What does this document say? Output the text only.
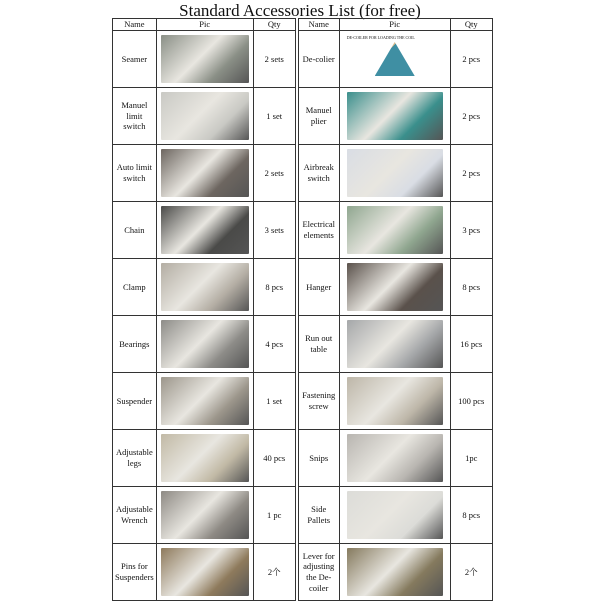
Standard Accessories List (for free)
Name	Pic	Qty		Name	Pic	Qty
Seamer		2 sets		De-colier	DE-COILER FOR LOADING THE COIL	2 pcs
Manuel limit switch		1 set		Manuel plier		2 pcs
Auto limit switch		2 sets		Airbreak switch		2 pcs
Chain		3 sets		Electrical elements		3 pcs
Clamp		8 pcs		Hanger		8 pcs
Bearings		4 pcs		Run out table		16 pcs
Suspender		1 set		Fastening screw		100 pcs
Adjustable legs		40 pcs		Snips		1pc
Adjustable Wrench		1 pc		Side Pallets		8 pcs
Pins for Suspenders		2个		Lever for adjusting the De-coiler		2个
